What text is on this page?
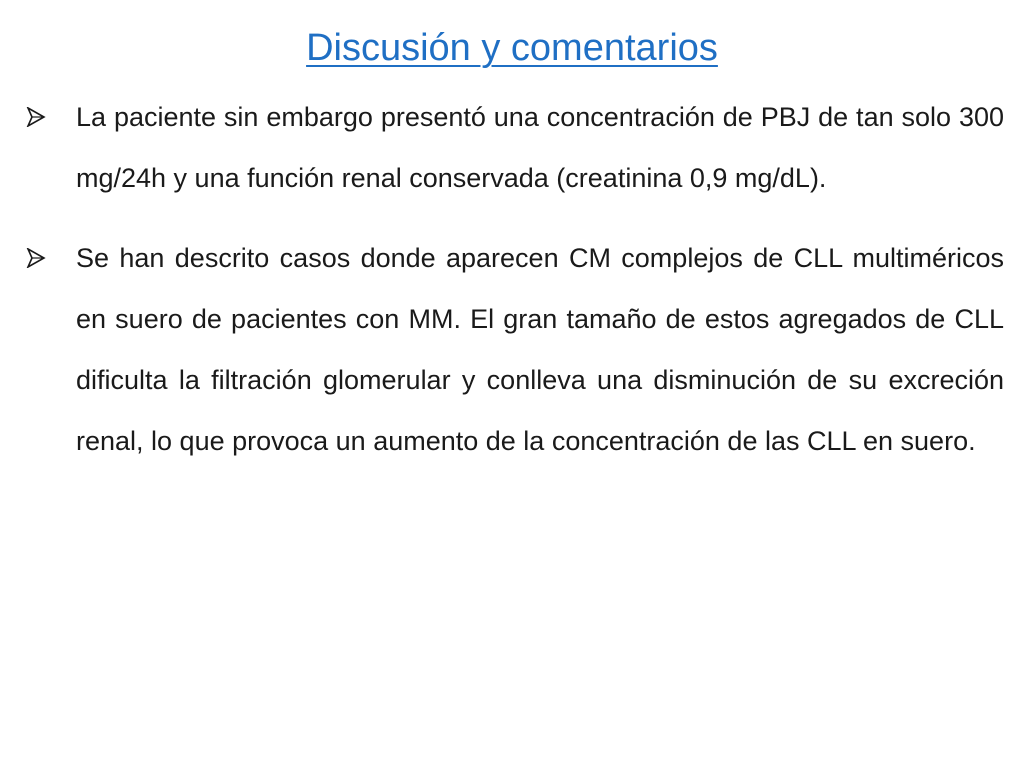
Discusión y comentarios
La paciente sin embargo presentó una concentración de PBJ de tan solo 300 mg/24h y una función renal conservada (creatinina 0,9 mg/dL).
Se han descrito casos donde aparecen CM complejos de CLL multiméricos en suero de pacientes con MM. El gran tamaño de estos agregados de CLL dificulta la filtración glomerular y conlleva una disminución de su excreción renal, lo que provoca un aumento de la concentración de las CLL en suero.
